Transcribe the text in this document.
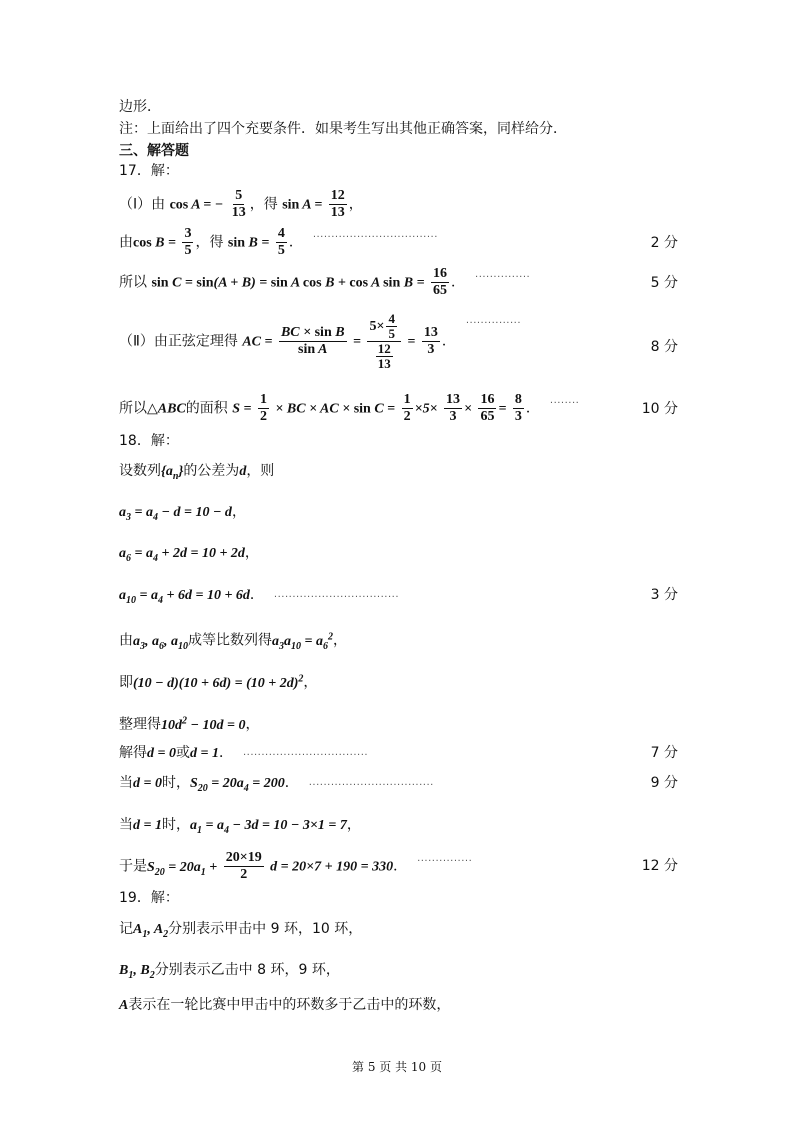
边形．
注：上面给出了四个充要条件．如果考生写出其他正确答案，同样给分．
三、解答题
17．解：
（Ⅰ）由 cos A = − $\frac{5}{13}$ ，得 $\sin A = \frac{12}{13}$ ，
由$\cos B = \frac{3}{5}$ ，得 $\sin B = \frac{4}{5}$ ． ..................................
2 分
所以 sin C = sin(A + B) = sin A cos B + cos A $\sin B = \frac{16}{65}$ ． ...............
5 分
（Ⅱ）由正弦定理得 AC = $\frac{\text{BC × sin B}}{\text{sin A}} = \frac{5\times \frac{4}{5}}{\frac{12}{13}} = \frac{13}{3}$ ．...............
8 分
所以△ABC的面积 $S = \frac{1}{2}$ × BC × AC × $\sin C = \frac{1}{2} \times 5\times \frac{13}{3} \times \frac{16}{65} = \frac{8}{3}$ ． ........
10 分
18．解：
设数列$\{a_n\}$的公差为d，则
$a_3 = a_4 - d = 10 - d$，
$a_6 = a_4 + 2d = 10 + 2d$，
$a_{10} = a_4 + 6d = 10 + 6d$． ..................................	3 分
由$a_3$, $a_6$, $a_{10}$成等比数列得$a_3a_{10} = a_6^2$，
即$(10 - d)(10 + 6d) = (10 + 2d)^2$，
整理得$10d^2 - 10d = 0$，
解得d = 0或d = 1． ..................................	7 分
当d = 0时，$S_{20} = 20a_4 = 200$． ..................................	9 分
当d = 1时，$a_1 = a_4 - 3d = 10 - 3\times 1 = 7$，
于是$S_{20} = 20a_1 + \frac{20\times 19}{2}$ d = 20×7 + 190 = 330． ...............	12 分
19．解：
记$A_1$, $A_2$分别表示甲击中 9 环，10 环，
$B_1$, $B_2$分别表示乙击中 8 环，9 环，
A表示在一轮比赛中甲击中的环数多于乙击中的环数，
第 5 页 共 10 页
